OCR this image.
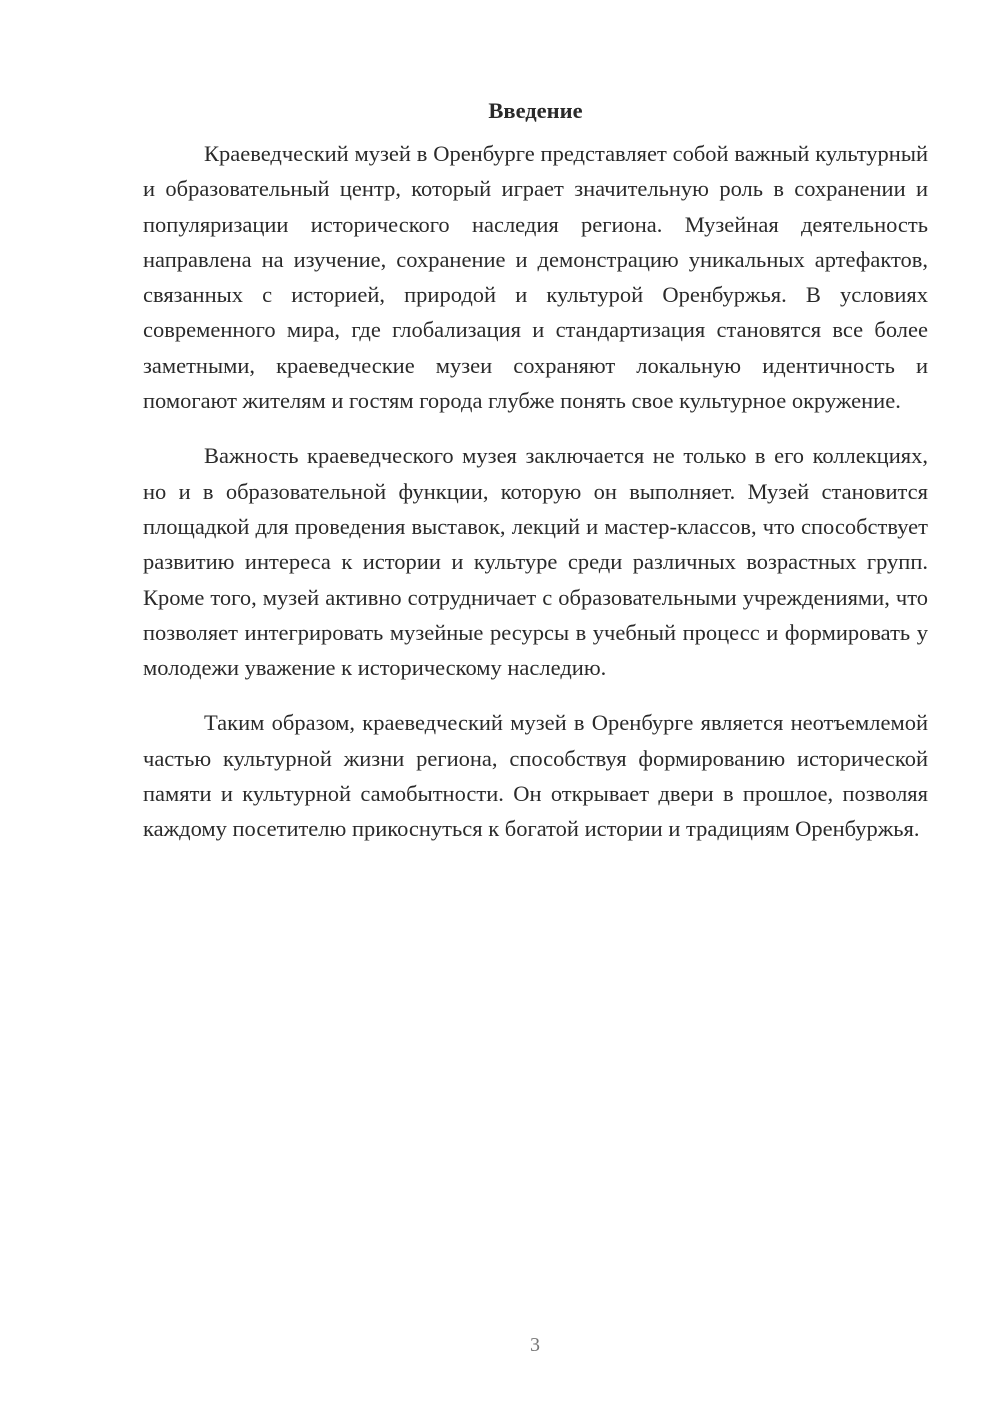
Введение

Краеведческий музей в Оренбурге представляет собой важный культурный и образовательный центр, который играет значительную роль в сохранении и популяризации исторического наследия региона. Музейная деятельность направлена на изучение, сохранение и демонстрацию уникальных артефактов, связанных с историей, природой и культурой Оренбуржья. В условиях современного мира, где глобализация и стандартизация становятся все более заметными, краеведческие музеи сохраняют локальную идентичность и помогают жителям и гостям города глубже понять свое культурное окружение.

Важность краеведческого музея заключается не только в его коллекциях, но и в образовательной функции, которую он выполняет. Музей становится площадкой для проведения выставок, лекций и мастер-классов, что способствует развитию интереса к истории и культуре среди различных возрастных групп. Кроме того, музей активно сотрудничает с образовательными учреждениями, что позволяет интегрировать музейные ресурсы в учебный процесс и формировать у молодежи уважение к историческому наследию.

Таким образом, краеведческий музей в Оренбурге является неотъемлемой частью культурной жизни региона, способствуя формированию исторической памяти и культурной самобытности. Он открывает двери в прошлое, позволяя каждому посетителю прикоснуться к богатой истории и традициям Оренбуржья.

3
